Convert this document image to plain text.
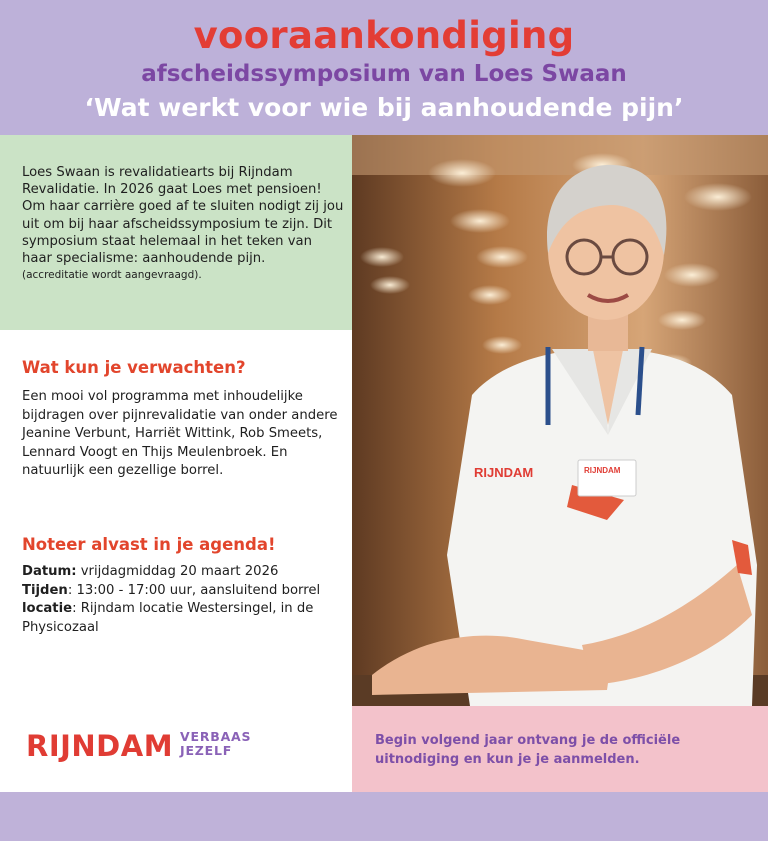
vooraankondiging
afscheidssymposium van Loes Swaan
‘Wat werkt voor wie bij aanhoudende pijn’

Loes Swaan is revalidatiearts bij Rijndam Revalidatie. In 2026 gaat Loes met pensioen! Om haar carrière goed af te sluiten nodigt zij jou uit om bij haar afscheidssymposium te zijn. Dit symposium staat helemaal in het teken van haar specialisme: aanhoudende pijn.
(accreditatie wordt aangevraagd).

Wat kun je verwachten?

Een mooi vol programma met inhoudelijke bijdragen over pijnrevalidatie van onder andere Jeanine Verbunt, Harriët Wittink, Rob Smeets, Lennard Voogt en Thijs Meulenbroek. En natuurlijk een gezellige borrel.

Noteer alvast in je agenda!

Datum: vrijdagmiddag 20 maart 2026
Tijden: 13:00 - 17:00 uur, aansluitend borrel
locatie: Rijndam locatie Westersingel, in de Physicozaal

RIJNDAM VERBAAS
JEZELF
RIJNDAM	RIJNDAM

Begin volgend jaar ontvang je de officiële uitnodiging en kun je je aanmelden.
